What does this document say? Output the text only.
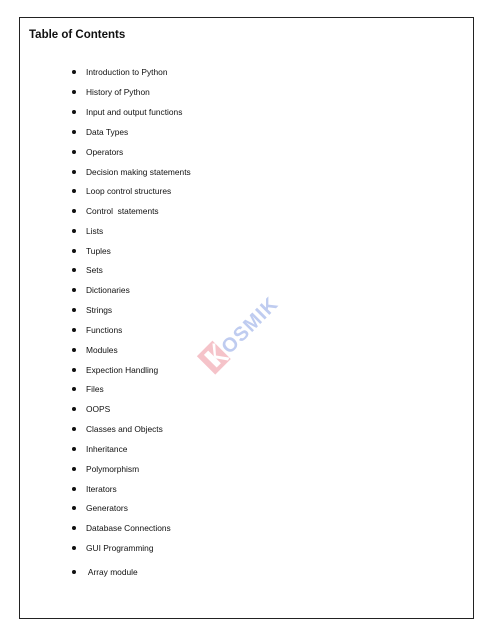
Table of Contents
Introduction to Python
History of Python
Input and output functions
Data Types
Operators
Decision making statements
Loop control structures
Control  statements
Lists
Tuples
Sets
Dictionaries
Strings
Functions
Modules
Expection Handling
Files
OOPS
Classes and Objects
Inheritance
Polymorphism
Iterators
Generators
Database Connections
GUI Programming
Array module
OSMIK
